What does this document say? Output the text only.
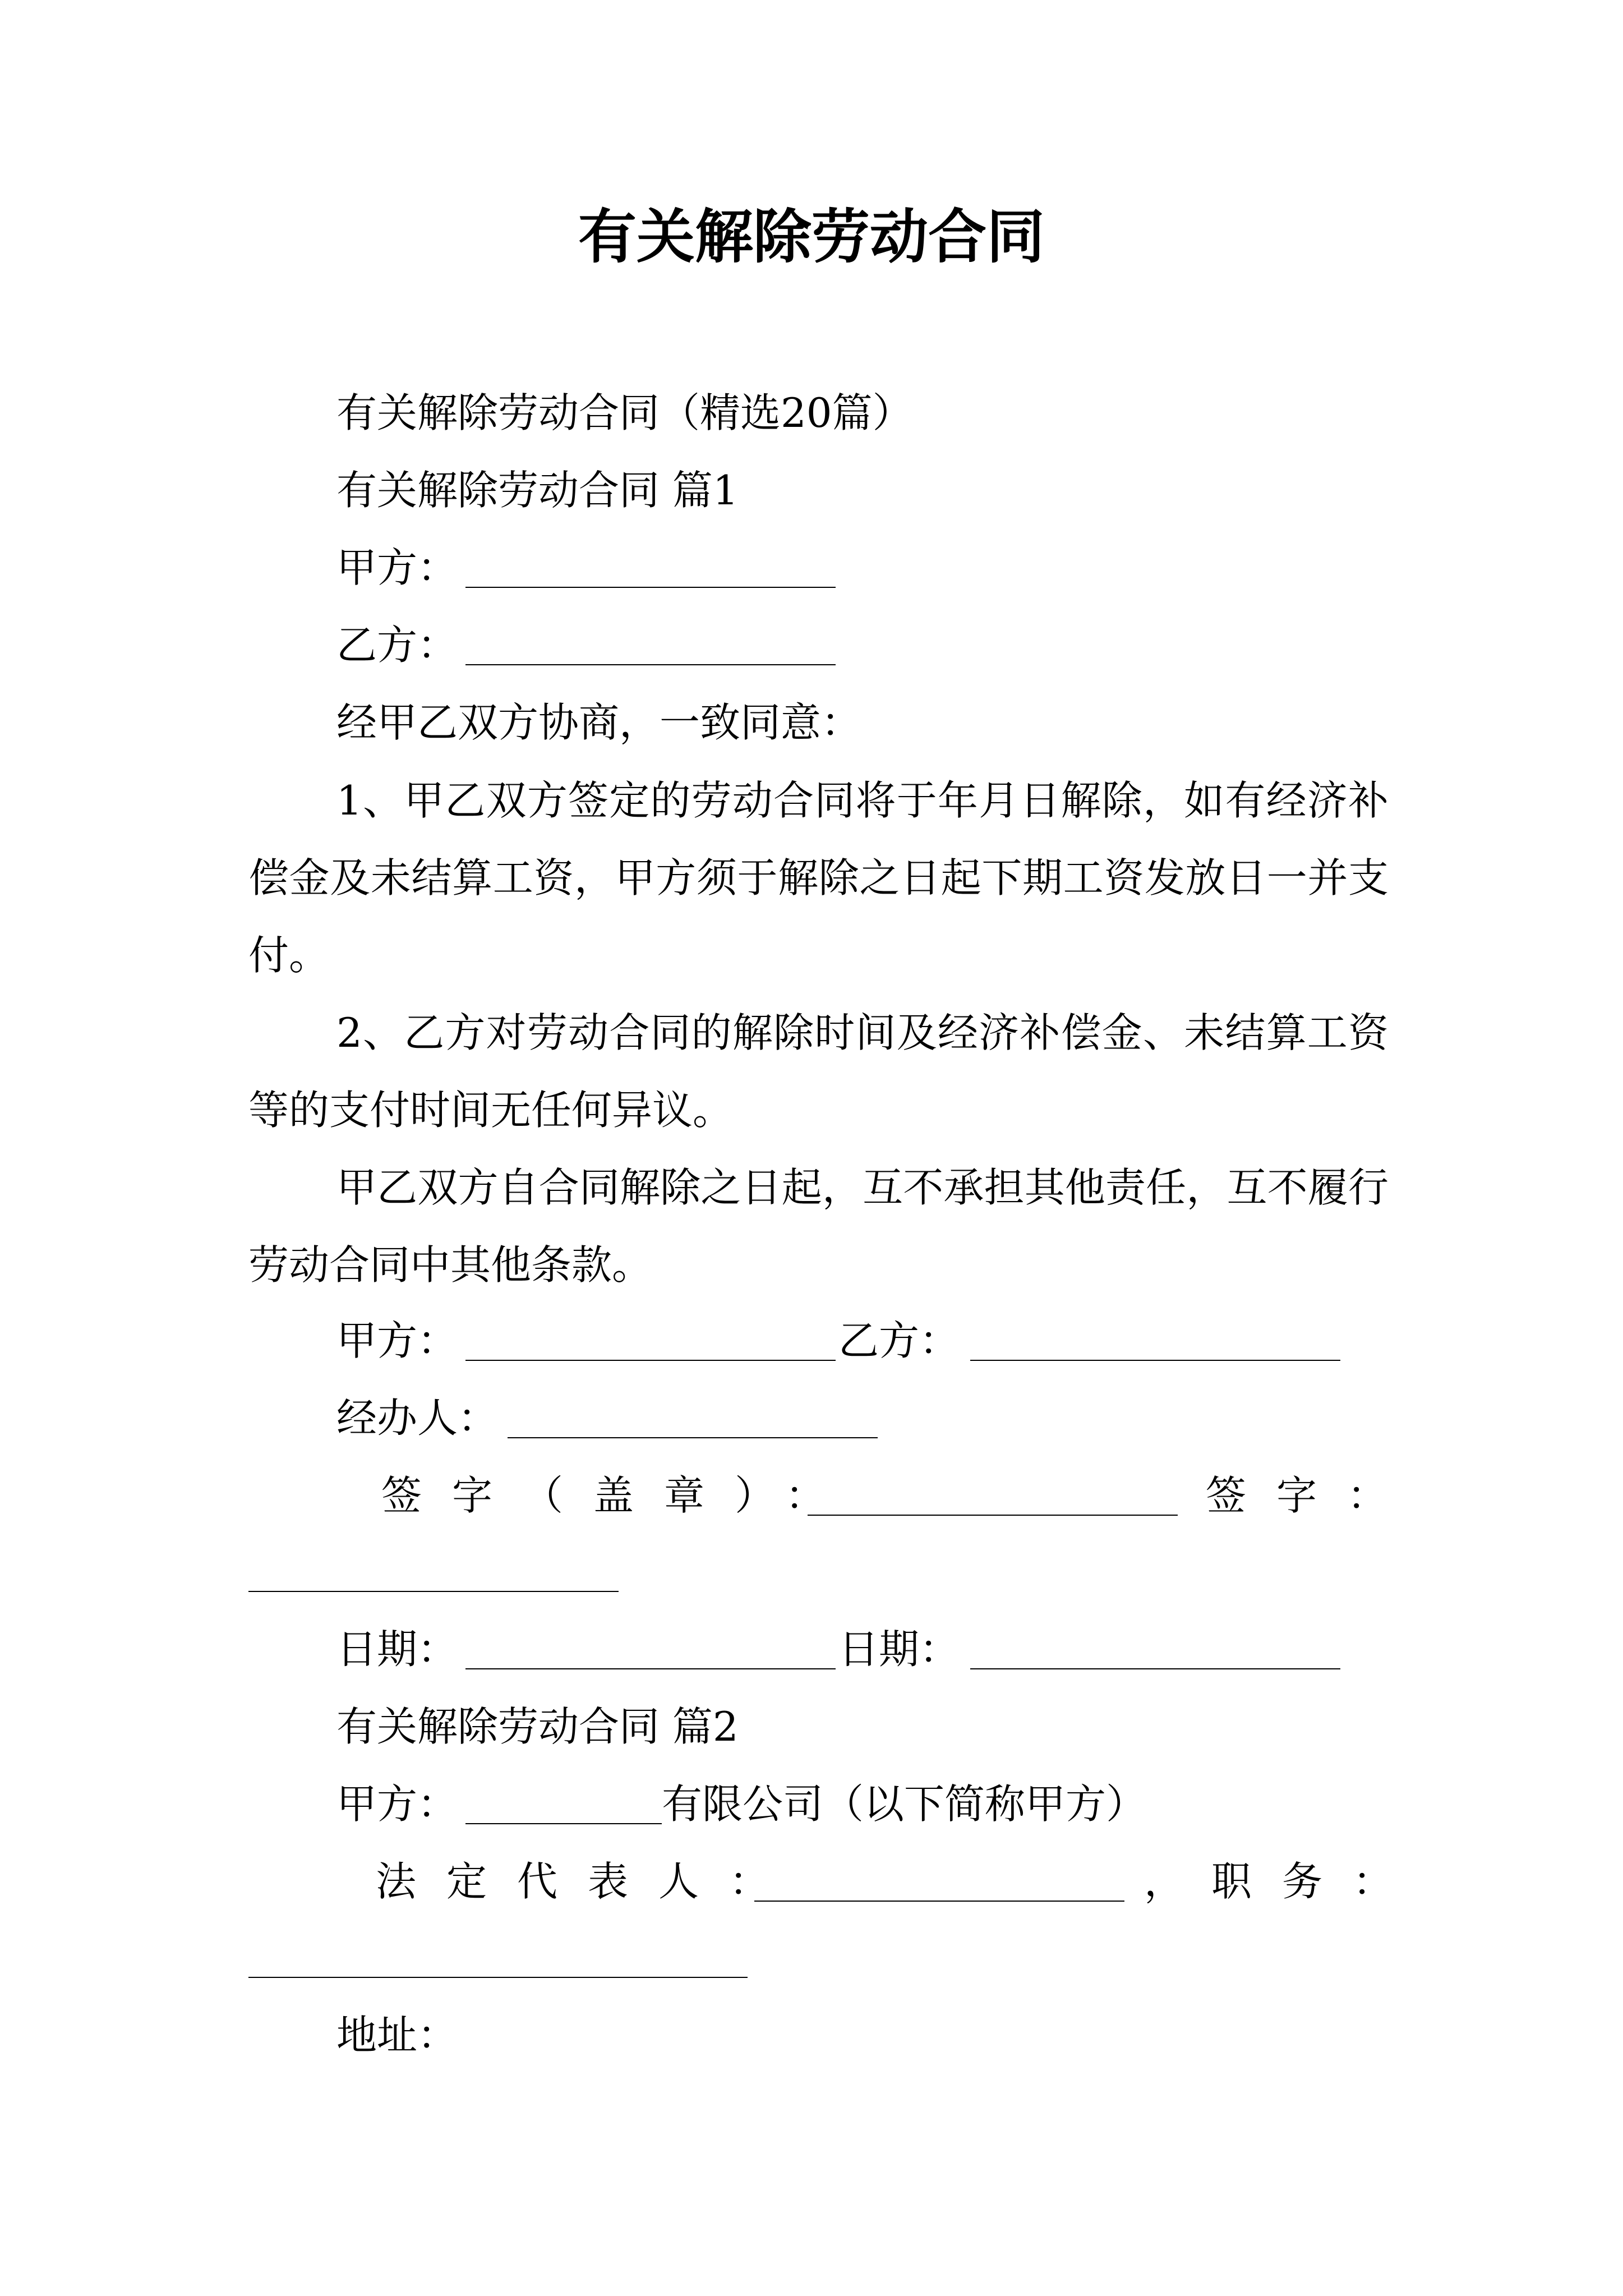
有关解除劳动合同
有关解除劳动合同（精选20篇）
有关解除劳动合同 篇1
甲方：
乙方：
经甲乙双方协商，一致同意：
1、甲乙双方签定的劳动合同将于年月日解除，如有经济补偿金及未结算工资，甲方须于解除之日起下期工资发放日一并支付。
2、乙方对劳动合同的解除时间及经济补偿金、未结算工资等的支付时间无任何异议。
甲乙双方自合同解除之日起，互不承担其他责任，互不履行劳动合同中其他条款。
甲方：	乙方：
经办人：
签字（盖章）：	签字：
日期：	日期：
有关解除劳动合同 篇2
甲方：	有限公司（以下简称甲方）
法定代表人：	， 职务：
地址：
